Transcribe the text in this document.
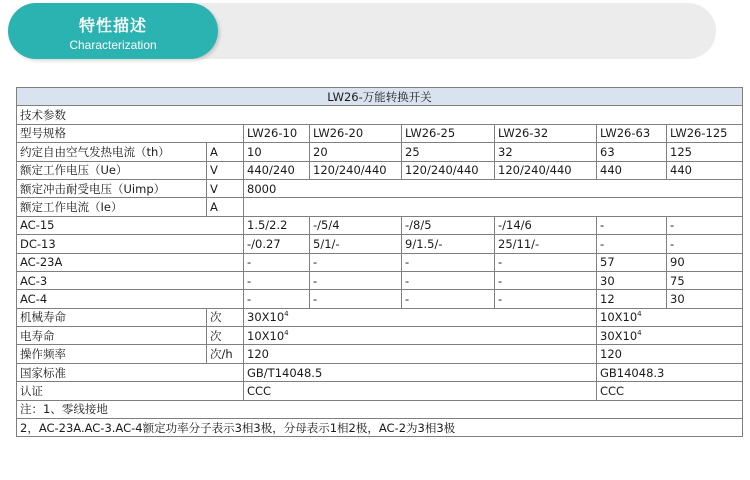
特性描述
Characterization
LW26-万能转换开关							
技术参数							
型号规格		LW26-10	LW26-20	LW26-25	LW26-32	LW26-63	LW26-125
约定自由空气发热电流（th）	A	10	20	25	32	63	125
额定工作电压（Ue）	V	440/240	120/240/440	120/240/440	120/240/440	440	440
额定冲击耐受电压（Uimp）	V	8000					
额定工作电流（Ie）	A						
AC-15		1.5/2.2	-/5/4	-/8/5	-/14/6	-	-
DC-13		-/0.27	5/1/-	9/1.5/-	25/11/-	-	-
AC-23A		-	-	-	-	57	90
AC-3		-	-	-	-	30	75
AC-4		-	-	-	-	12	30
机械寿命	次	$30X10^4$				$10X10^4$
电寿命	次	$10X10^4$				$30X10^4$
操作频率	次/h	120				120	
国家标准		GB/T14048.5				GB14048.3	
认证		CCC				CCC	
注：1、零线接地							
2，AC-23A.AC-3.AC-4额定功率分子表示3相3极，分母表示1相2极，AC-2为3相3极							
